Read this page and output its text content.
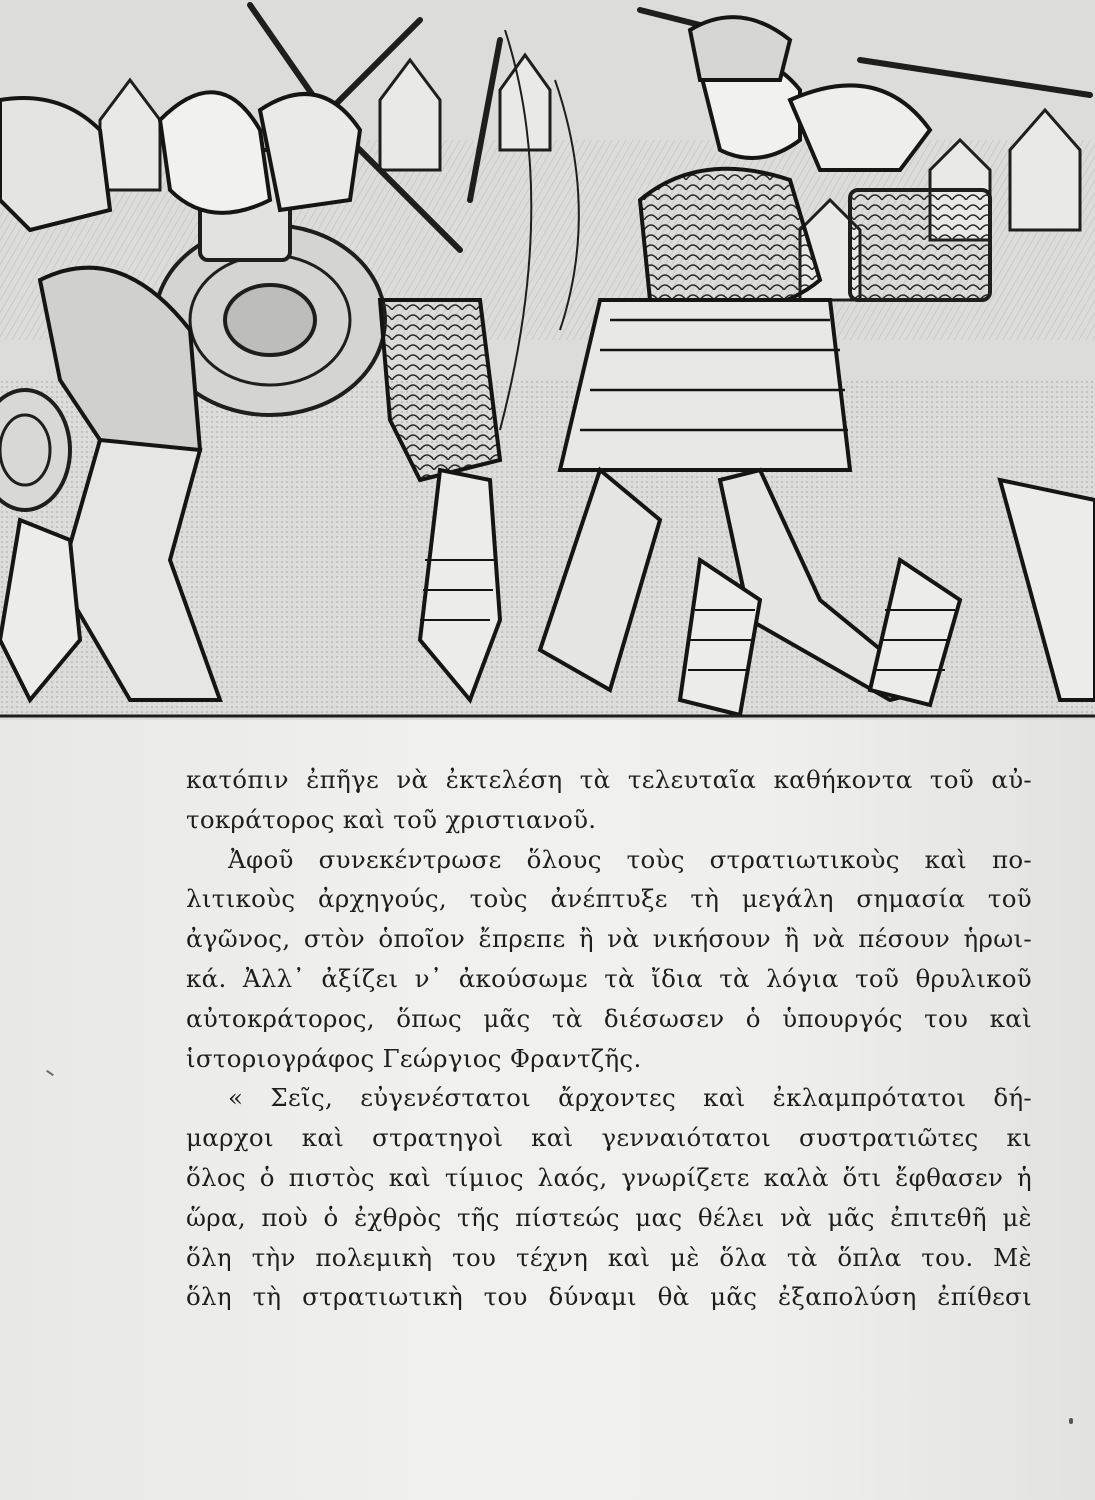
κατόπιν ἐπῆγε νὰ ἐκτελέση τὰ τελευταῖα καθήκοντα τοῦ αὐ-
τοκράτορος καὶ τοῦ χριστιανοῦ.

Ἀφοῦ συνεκέντρωσε ὅλους τοὺς στρατιωτικοὺς καὶ πο-
λιτικοὺς ἀρχηγούς, τοὺς ἀνέπτυξε τὴ μεγάλη σημασία τοῦ
ἀγῶνος, στὸν ὁποῖον ἔπρεπε ἢ νὰ νικήσουν ἢ νὰ πέσουν ἡρωι-
κά. Ἀλλ᾽ ἀξίζει ν᾽ ἀκούσωμε τὰ ἴδια τὰ λόγια τοῦ θρυλικοῦ
αὐτοκράτορος, ὅπως μᾶς τὰ διέσωσεν ὁ ὑπουργός του καὶ
ἱστοριογράφος Γεώργιος Φραντζῆς.

« Σεῖς, εὐγενέστατοι ἄρχοντες καὶ ἐκλαμπρότατοι δή-
μαρχοι καὶ στρατηγοὶ καὶ γενναιότατοι συστρατιῶτες κι
ὅλος ὁ πιστὸς καὶ τίμιος λαός, γνωρίζετε καλὰ ὅτι ἔφθασεν ἡ
ὥρα, ποὺ ὁ ἐχθρὸς τῆς πίστεώς μας θέλει νὰ μᾶς ἐπιτεθῆ μὲ
ὅλη τὴν πολεμικὴ του τέχνη καὶ μὲ ὅλα τὰ ὅπλα του. Μὲ
ὅλη τὴ στρατιωτικὴ του δύναμι θὰ μᾶς ἐξαπολύση ἐπίθεσι
